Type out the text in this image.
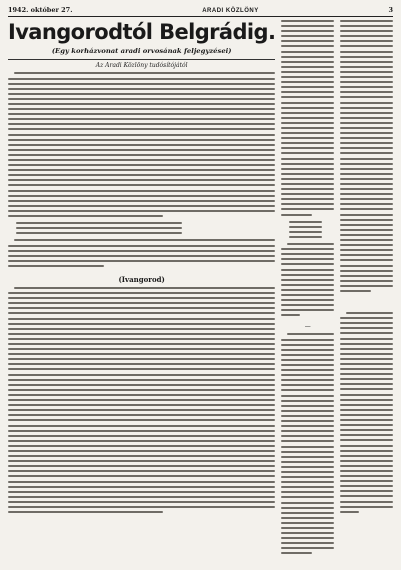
1942. október 27.	ARADI KÖZLÖNY	3
Ivangorodtól Belgrádig.
(Egy korházvonat aradi orvosának feljegyzései)
Az Aradi Közlöny tudósítójától
(Ivangorod)
—
